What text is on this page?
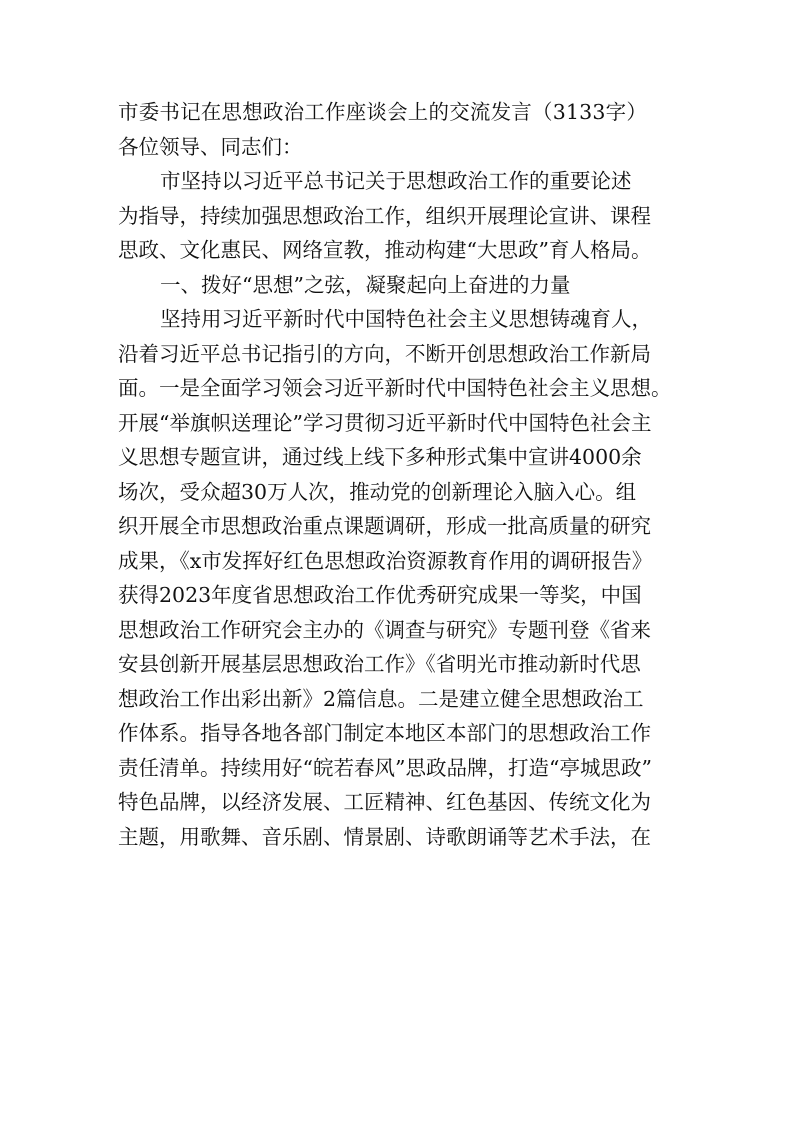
市委书记在思想政治工作座谈会上的交流发言（3133字）
各位领导、同志们：
市坚持以习近平总书记关于思想政治工作的重要论述
为指导，持续加强思想政治工作，组织开展理论宣讲、课程
思政、文化惠民、网络宣教，推动构建“大思政”育人格局。
一、拨好“思想”之弦，凝聚起向上奋进的力量
坚持用习近平新时代中国特色社会主义思想铸魂育人，
沿着习近平总书记指引的方向，不断开创思想政治工作新局
面。一是全面学习领会习近平新时代中国特色社会主义思想。
开展“举旗帜送理论”学习贯彻习近平新时代中国特色社会主
义思想专题宣讲，通过线上线下多种形式集中宣讲4000余
场次，受众超30万人次，推动党的创新理论入脑入心。组
织开展全市思想政治重点课题调研，形成一批高质量的研究
成果，《x市发挥好红色思想政治资源教育作用的调研报告》
获得2023年度省思想政治工作优秀研究成果一等奖，中国
思想政治工作研究会主办的《调查与研究》专题刊登《省来
安县创新开展基层思想政治工作》《省明光市推动新时代思
想政治工作出彩出新》2篇信息。二是建立健全思想政治工
作体系。指导各地各部门制定本地区本部门的思想政治工作
责任清单。持续用好“皖若春风”思政品牌，打造“亭城思政”
特色品牌，以经济发展、工匠精神、红色基因、传统文化为
主题，用歌舞、音乐剧、情景剧、诗歌朗诵等艺术手法，在
